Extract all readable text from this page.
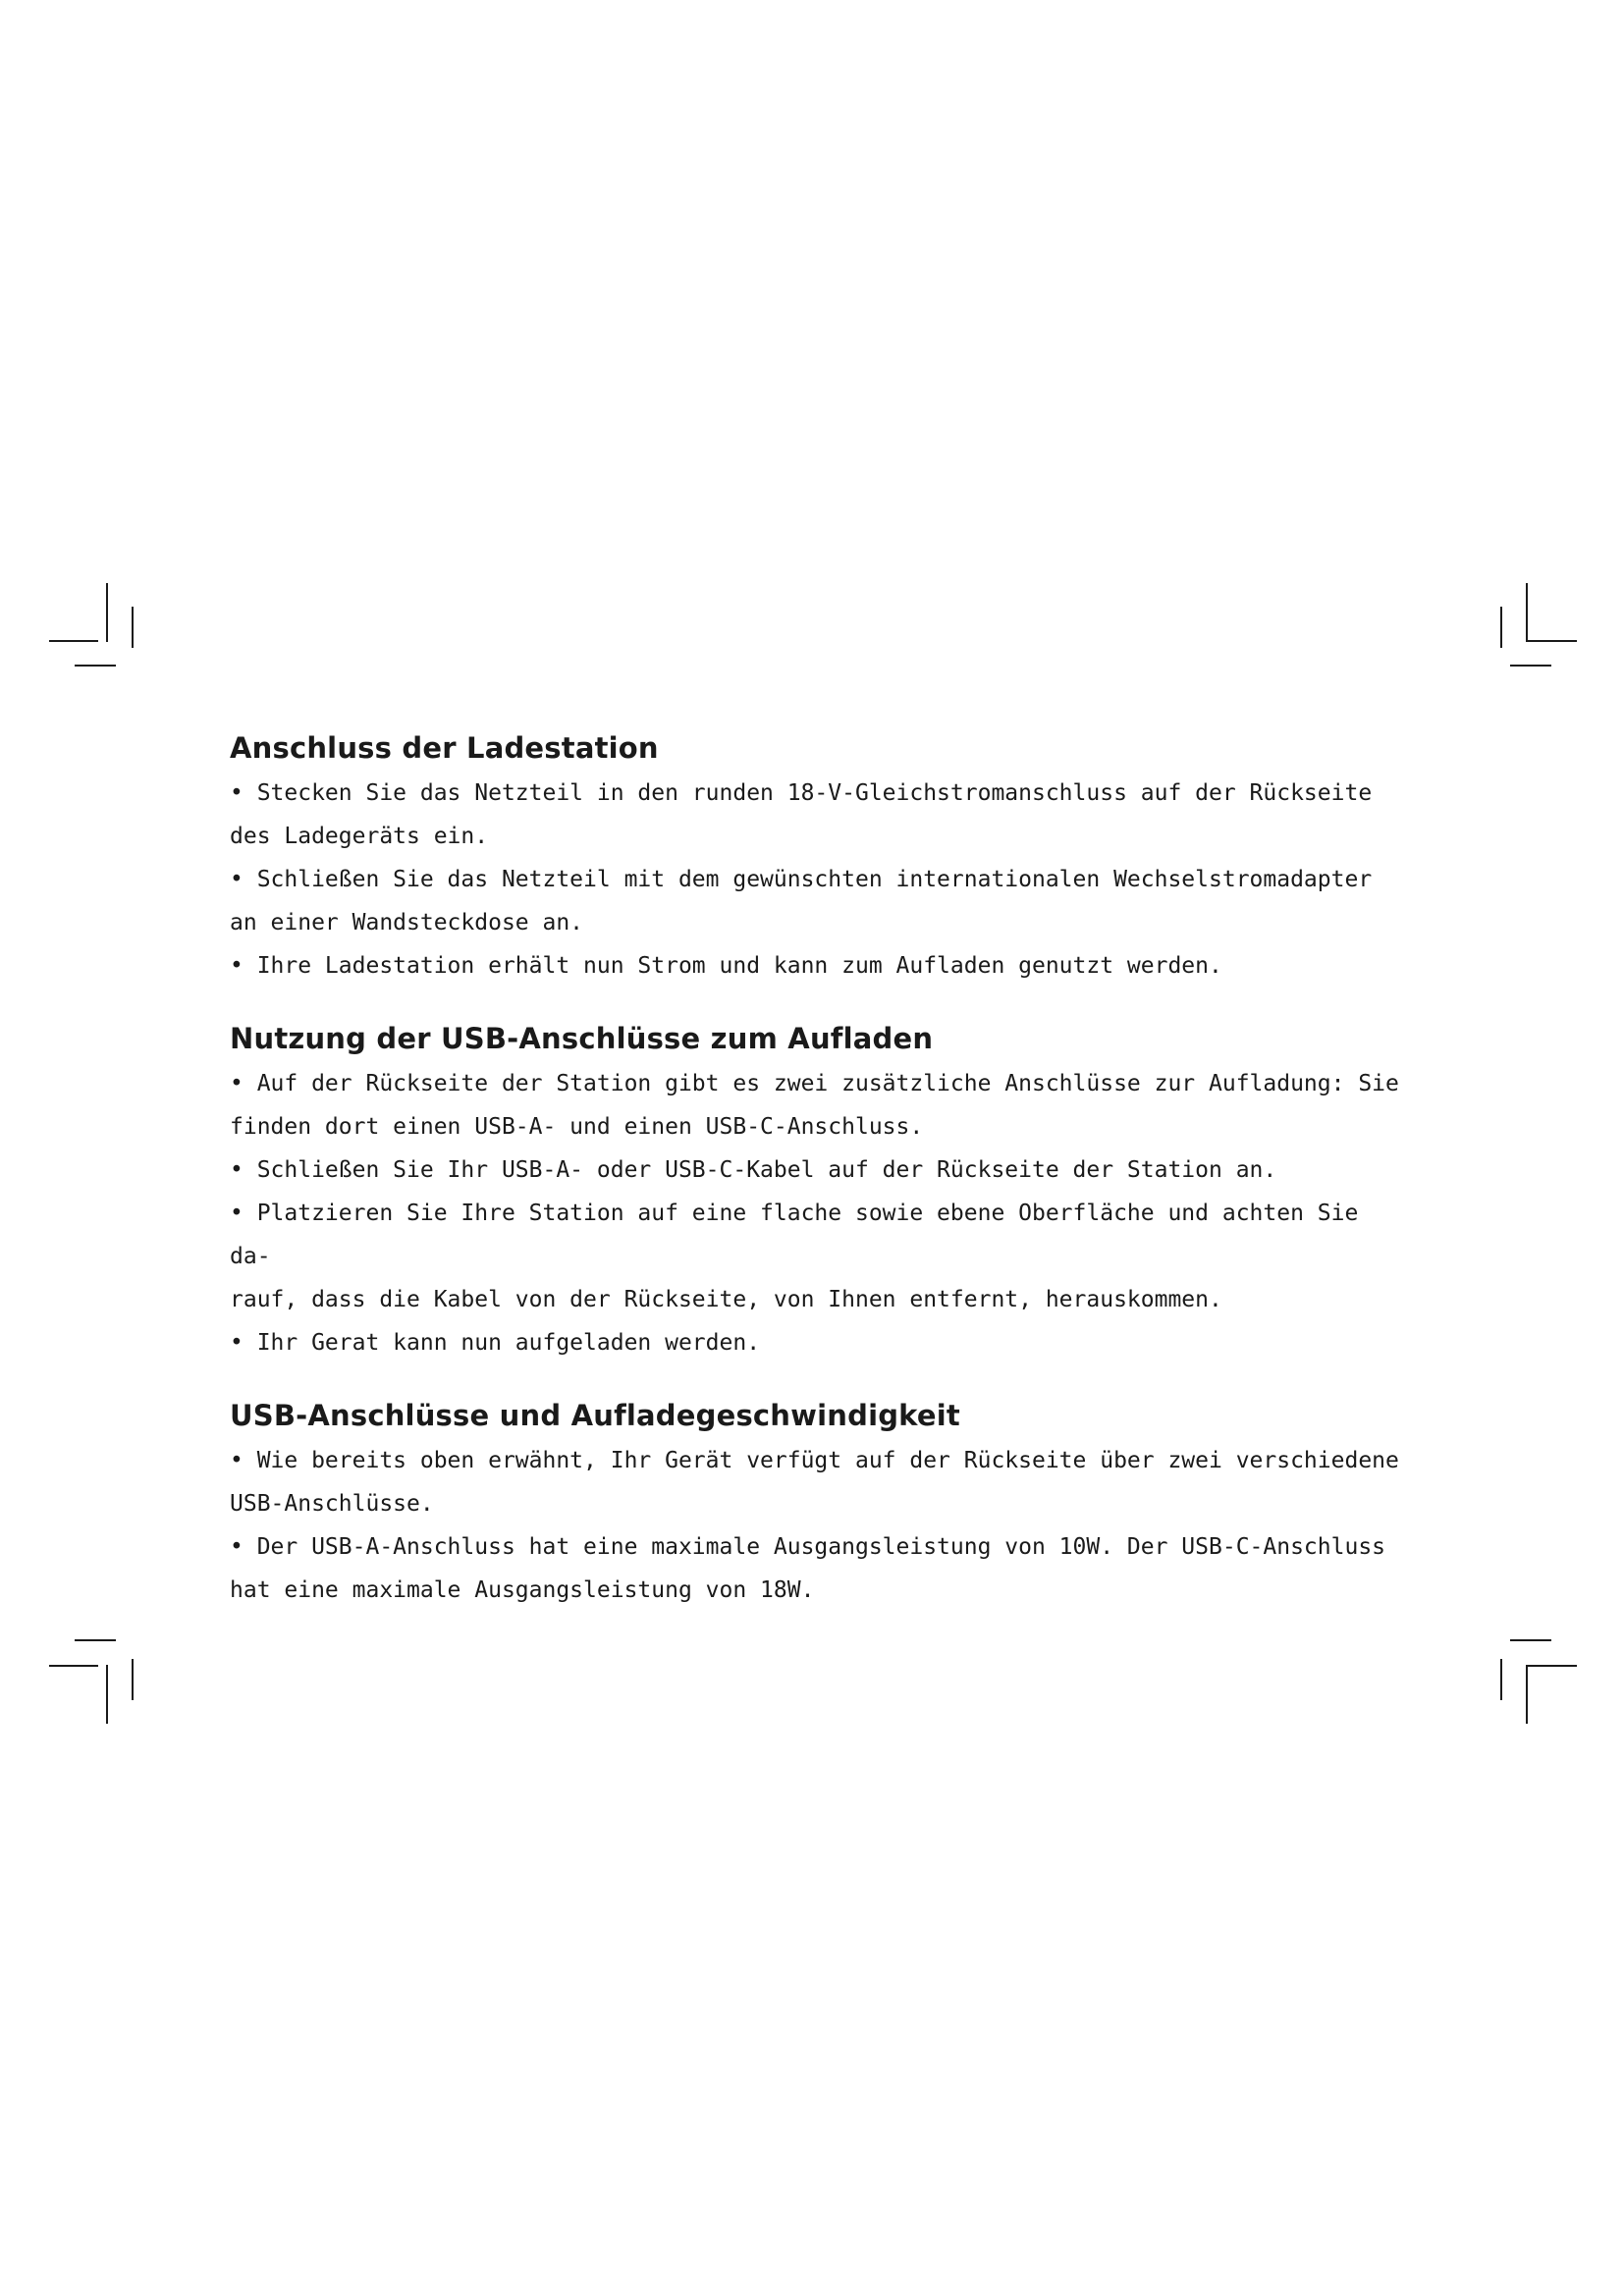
Anschluss der Ladestation

• Stecken Sie das Netzteil in den runden 18-V-Gleichstromanschluss auf der Rückseite
des Ladegeräts ein.

• Schließen Sie das Netzteil mit dem gewünschten internationalen Wechselstromadapter
an einer Wandsteckdose an.

• Ihre Ladestation erhält nun Strom und kann zum Aufladen genutzt werden.

Nutzung der USB-Anschlüsse zum Aufladen

• Auf der Rückseite der Station gibt es zwei zusätzliche Anschlüsse zur Aufladung: Sie
finden dort einen USB-A- und einen USB-C-Anschluss.

• Schließen Sie Ihr USB-A- oder USB-C-Kabel auf der Rückseite der Station an.

• Platzieren Sie Ihre Station auf eine flache sowie ebene Oberfläche und achten Sie da-
rauf, dass die Kabel von der Rückseite, von Ihnen entfernt, herauskommen.

• Ihr Gerat kann nun aufgeladen werden.

USB-Anschlüsse und Aufladegeschwindigkeit

• Wie bereits oben erwähnt, Ihr Gerät verfügt auf der Rückseite über zwei verschiedene
USB-Anschlüsse.

• Der USB-A-Anschluss hat eine maximale Ausgangsleistung von 10W. Der USB-C-Anschluss
hat eine maximale Ausgangsleistung von 18W.
